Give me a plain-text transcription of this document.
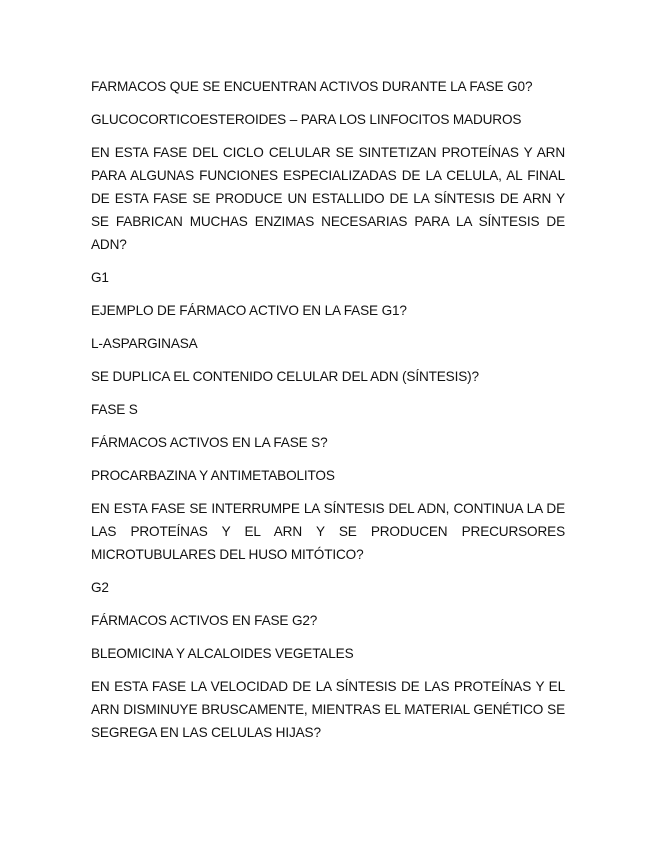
FARMACOS QUE SE ENCUENTRAN ACTIVOS DURANTE LA FASE G0?

GLUCOCORTICOESTEROIDES – PARA LOS LINFOCITOS MADUROS

EN ESTA FASE DEL CICLO CELULAR SE SINTETIZAN PROTEÍNAS Y ARN PARA ALGUNAS FUNCIONES ESPECIALIZADAS DE LA CELULA, AL FINAL DE ESTA FASE SE PRODUCE UN ESTALLIDO DE LA SÍNTESIS DE ARN Y SE FABRICAN MUCHAS ENZIMAS NECESARIAS PARA LA SÍNTESIS DE ADN?

G1

EJEMPLO DE FÁRMACO ACTIVO EN LA FASE G1?

L-ASPARGINASA

SE DUPLICA EL CONTENIDO CELULAR DEL ADN (SÍNTESIS)?

FASE S

FÁRMACOS ACTIVOS EN LA FASE S?

PROCARBAZINA Y ANTIMETABOLITOS

EN ESTA FASE SE INTERRUMPE LA SÍNTESIS DEL ADN, CONTINUA LA DE LAS PROTEÍNAS Y EL ARN Y SE PRODUCEN PRECURSORES MICROTUBULARES DEL HUSO MITÓTICO?

G2

FÁRMACOS ACTIVOS EN FASE G2?

BLEOMICINA Y ALCALOIDES VEGETALES

EN ESTA FASE LA VELOCIDAD DE LA SÍNTESIS DE LAS PROTEÍNAS Y EL ARN DISMINUYE BRUSCAMENTE, MIENTRAS EL MATERIAL GENÉTICO SE SEGREGA EN LAS CELULAS HIJAS?
